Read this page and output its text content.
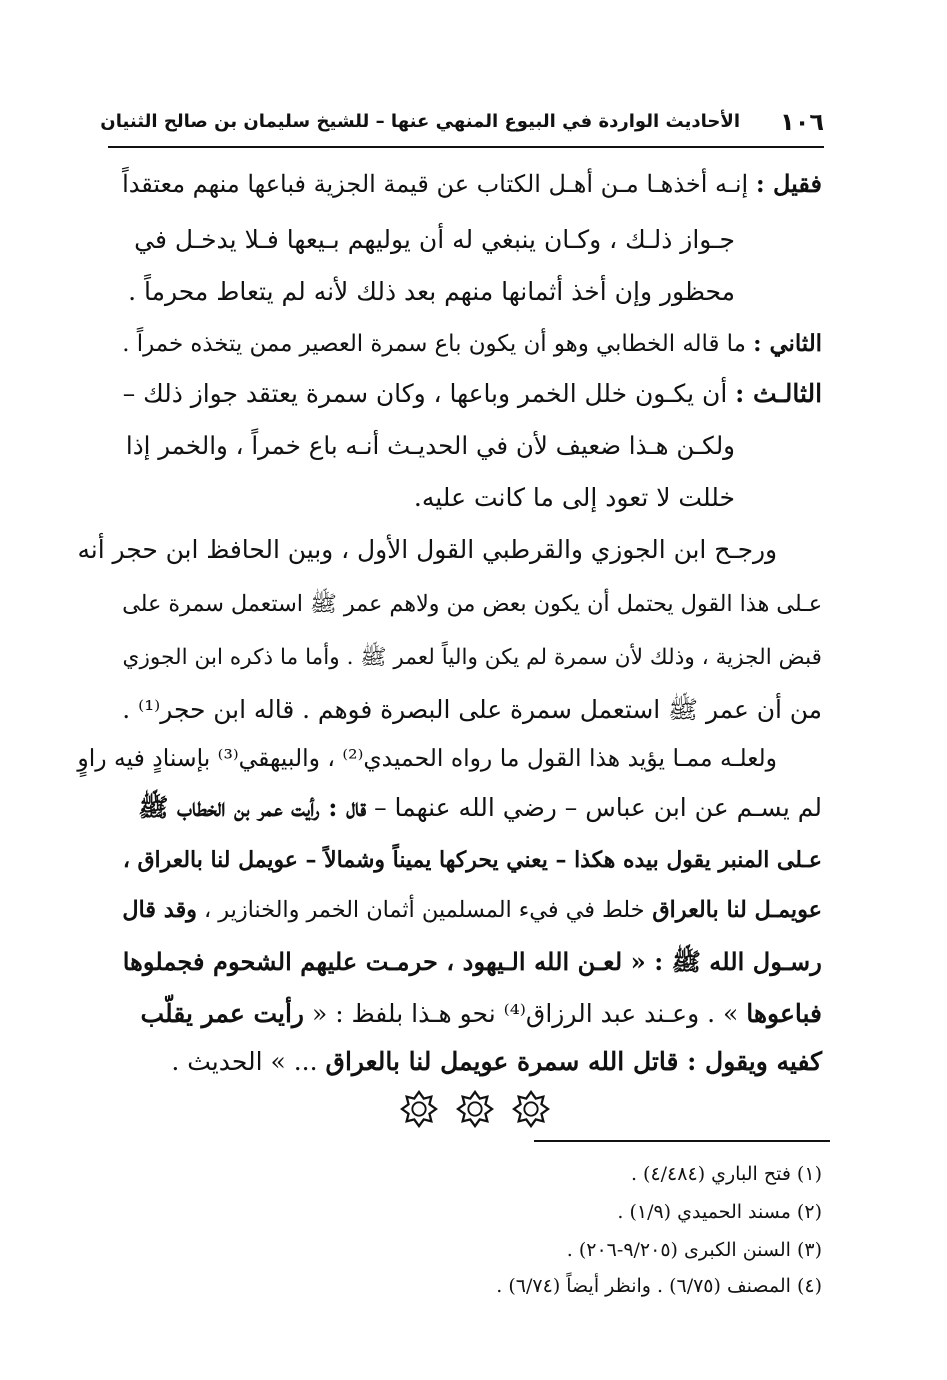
١٠٦
الأحاديث الواردة في البيوع المنهي عنها – للشيخ سليمان بن صالح الثنيان
فقيل : إنـه أخذهـا مـن أهـل الكتاب عن قيمة الجزية فباعها منهم معتقداً
جـواز ذلـك ، وكـان ينبغي له أن يوليهم بـيعها فـلا يدخـل في
محظور وإن أخذ أثمانها منهم بعد ذلك لأنه لم يتعاط محرماً .
الثاني : ما قاله الخطابي وهو أن يكون باع سمرة العصير ممن يتخذه خمراً .
الثالـث : أن يكـون خلل الخمر وباعها ، وكان سمرة يعتقد جواز ذلك –
ولكـن هـذا ضعيف لأن في الحديـث أنـه باع خمراً ، والخمر إذا
خللت لا تعود إلى ما كانت عليه.
ورجـح ابن الجوزي والقرطبي القول الأول ، وبين الحافظ ابن حجر أنه
عـلى هذا القول يحتمل أن يكون بعض من ولاهم عمر ﷺ استعمل سمرة على
قبض الجزية ، وذلك لأن سمرة لم يكن والياً لعمر ﷺ . وأما ما ذكره ابن الجوزي
من أن عمر ﷺ استعمل سمرة على البصرة فوهم . قاله ابن حجر⁽¹⁾ .
ولعلـه ممـا يؤيد هذا القول ما رواه الحميدي⁽²⁾ ، والبيهقي⁽³⁾ بإسنادٍ فيه راوٍ
لم يسـم عن ابن عباس – رضي الله عنهما – قال : رأيت عمر بن الخطاب ﷺ
عـلى المنبر يقول بيده هكذا – يعني يحركها يميناً وشمالاً – عويمل لنا بالعراق ،
عويمـل لنا بالعراق خلط في فيء المسلمين أثمان الخمر والخنازير ، وقد قال
رسـول الله ﷺ : « لعـن الله الـيهود ، حرمـت عليهم الشحوم فجملوها
فباعوها » . وعـند عبد الرزاق⁽⁴⁾ نحو هـذا بلفظ : « رأيت عمر يقلّب
كفيه ويقول : قاتل الله سمرة عويمل لنا بالعراق ... » الحديث .
(١) فتح الباري (٤/٤٨٤) .
(٢) مسند الحميدي (١/٩) .
(٣) السنن الكبرى (٩/٢٠٥-٢٠٦) .
(٤) المصنف (٦/٧٥) . وانظر أيضاً (٦/٧٤) .
